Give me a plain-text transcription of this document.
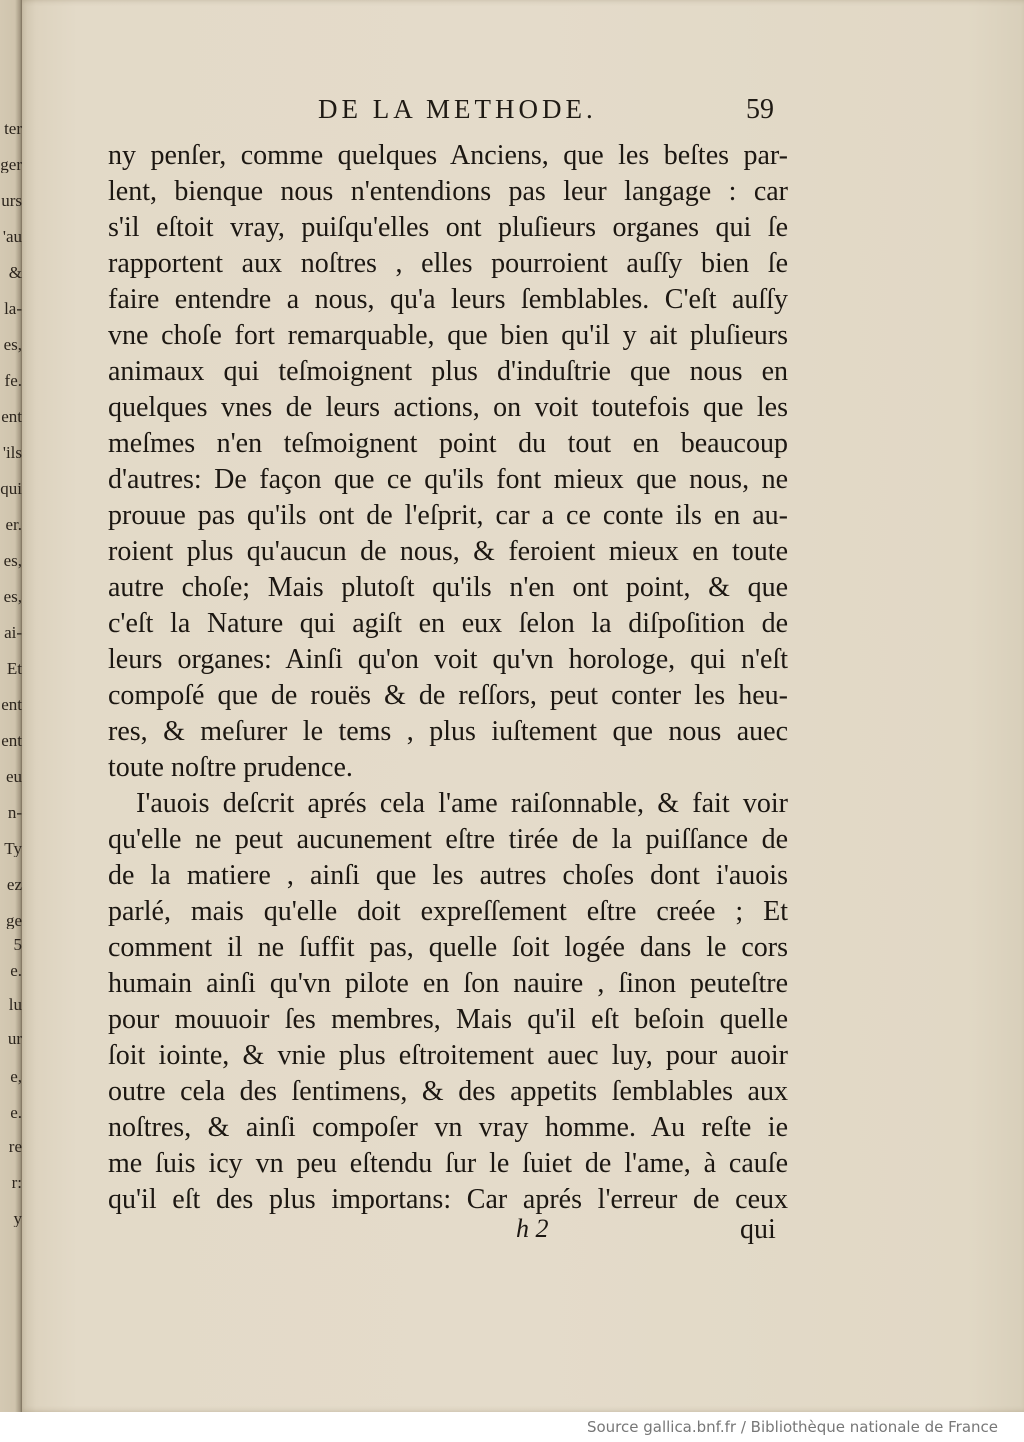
DE LA METHODE.	59
ny penſer, comme quelques Anciens, que les beſtes par-
lent, bienque nous n'entendions pas leur langage : car
s'il eſtoit vray, puiſqu'elles ont pluſieurs organes qui ſe
rapportent aux noſtres , elles pourroient auſſy bien ſe
faire entendre a nous, qu'a leurs ſemblables. C'eſt auſſy
vne choſe fort remarquable, que bien qu'il y ait pluſieurs
animaux qui teſmoignent plus d'induſtrie que nous en
quelques vnes de leurs actions, on voit toutefois que les
meſmes n'en teſmoignent point du tout en beaucoup
d'autres: De façon que ce qu'ils font mieux que nous, ne
prouue pas qu'ils ont de l'eſprit, car a ce conte ils en au-
roient plus qu'aucun de nous, & feroient mieux en toute
autre choſe; Mais plutoſt qu'ils n'en ont point, & que
c'eſt la Nature qui agiſt en eux ſelon la diſpoſition de
leurs organes: Ainſi qu'on voit qu'vn horologe, qui n'eſt
compoſé que de rouës & de reſſors, peut conter les heu-
res, & meſurer le tems , plus iuſtement que nous auec
toute noſtre prudence.
I'auois deſcrit aprés cela l'ame raiſonnable, & fait voir
qu'elle ne peut aucunement eſtre tirée de la puiſſance de
de la matiere , ainſi que les autres choſes dont i'auois
parlé, mais qu'elle doit expreſſement eſtre creée ; Et
comment il ne ſuffit pas, quelle ſoit logée dans le cors
humain ainſi qu'vn pilote en ſon nauire , ſinon peuteſtre
pour mouuoir ſes membres, Mais qu'il eſt beſoin quelle
ſoit iointe, & vnie plus eſtroitement auec luy, pour auoir
outre cela des ſentimens, & des appetits ſemblables aux
noſtres, & ainſi compoſer vn vray homme. Au reſte ie
me ſuis icy vn peu eſtendu ſur le ſuiet de l'ame, à cauſe
qu'il eſt des plus importans: Car aprés l'erreur de ceux
h 2	qui
ter
ger
urs
'au
&
la-
es,
fe.
ent
'ils
qui
er.
es,
es,
ai-
Et
ent
ent
eu
n-
Ty
ez
ge
5
e.
lu
ur
e,
e.
re
r:
y
Source gallica.bnf.fr / Bibliothèque nationale de France
